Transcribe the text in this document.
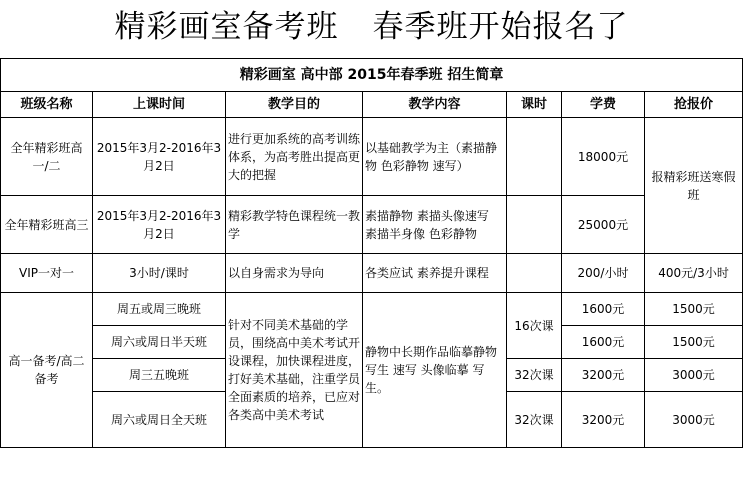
精彩画室备考班 春季班开始报名了
精彩画室 高中部 2015年春季班 招生简章						
班级名称	上课时间	教学目的	教学内容	课时	学费	抢报价
全年精彩班高一/二	2015年3月2-2016年3月2日	进行更加系统的高考训练体系，为高考胜出提高更大的把握	以基础教学为主（素描静物 色彩静物 速写）		18000元	报精彩班送寒假班
全年精彩班高三	2015年3月2-2016年3月2日	精彩教学特色课程统一教学	素描静物 素描头像速写 素描半身像 色彩静物		25000元	
VIP一对一	3小时/课时	以自身需求为导向	各类应试 素养提升课程		200/小时	400元/3小时
高一备考/高二备考	周五或周三晚班	针对不同美术基础的学员，围绕高中美术考试开设课程，加快课程进度，打好美术基础，注重学员全面素质的培养，已应对各类高中美术考试	静物中长期作品临摹静物写生 速写 头像临摹 写生。	16次课	1600元	1500元
	周六或周日半天班				1600元	1500元
	周三五晚班			32次课	3200元	3000元
	周六或周日全天班			32次课	3200元	3000元
